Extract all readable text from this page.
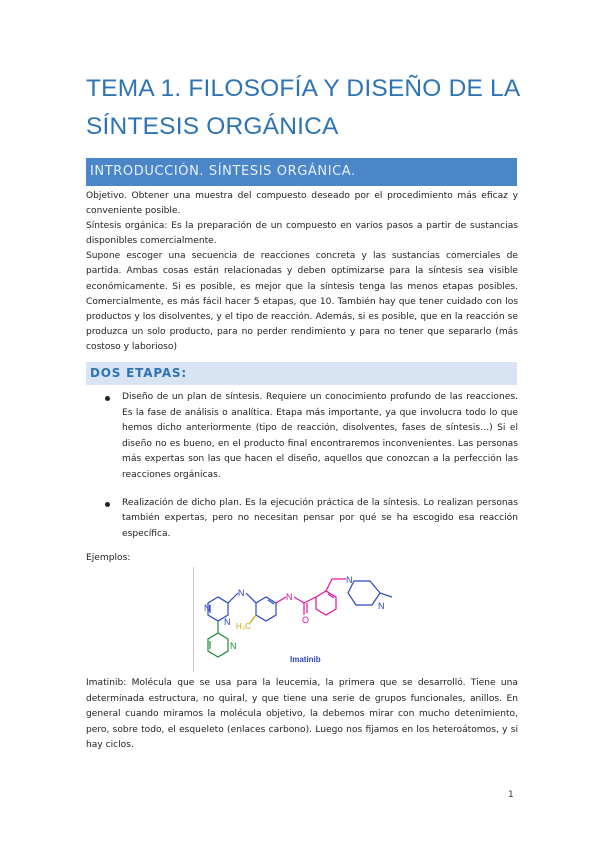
TEMA 1. FILOSOFÍA Y DISEÑO DE LA SÍNTESIS ORGÁNICA
INTRODUCCIÓN. SÍNTESIS ORGÁNICA.

Objetivo. Obtener una muestra del compuesto deseado por el procedimiento más eficaz y conveniente posible.

Síntesis orgánica: Es la preparación de un compuesto en varios pasos a partir de sustancias disponibles comercialmente.

Supone escoger una secuencia de reacciones concreta y las sustancias comerciales de partida. Ambas cosas están relacionadas y deben optimizarse para la síntesis sea visible económicamente. Si es posible, es mejor que la síntesis tenga las menos etapas posibles. Comercialmente, es más fácil hacer 5 etapas, que 10. También hay que tener cuidado con los productos y los disolventes, y el tipo de reacción. Además, si es posible, que en la reacción se produzca un solo producto, para no perder rendimiento y para no tener que separarlo (más costoso y laborioso)

DOS ETAPAS:
Diseño de un plan de síntesis. Requiere un conocimiento profundo de las reacciones. Es la fase de análisis o analítica. Etapa más importante, ya que involucra todo lo que hemos dicho anteriormente (tipo de reacción, disolventes, fases de síntesis…) Si el diseño no es bueno, en el producto final encontraremos inconvenientes. Las personas más expertas son las que hacen el diseño, aquellos que conozcan a la perfección las reacciones orgánicas.
Realización de dicho plan. Es la ejecución práctica de la síntesis. Lo realizan personas también expertas, pero no necesitan pensar por qué se ha escogido esa reacción específica.

Ejemplos:

N
N
N
N
O
N
N
N
H₃C
Imatinib

Imatinib: Molécula que se usa para la leucemia, la primera que se desarrolló. Tiene una determinada estructura, no quiral, y que tiene una serie de grupos funcionales, anillos. En general cuando miramos la molécula objetivo, la debemos mirar con mucho detenimiento, pero, sobre todo, el esqueleto (enlaces carbono). Luego nos fijamos en los heteroátomos, y si hay ciclos.

1
